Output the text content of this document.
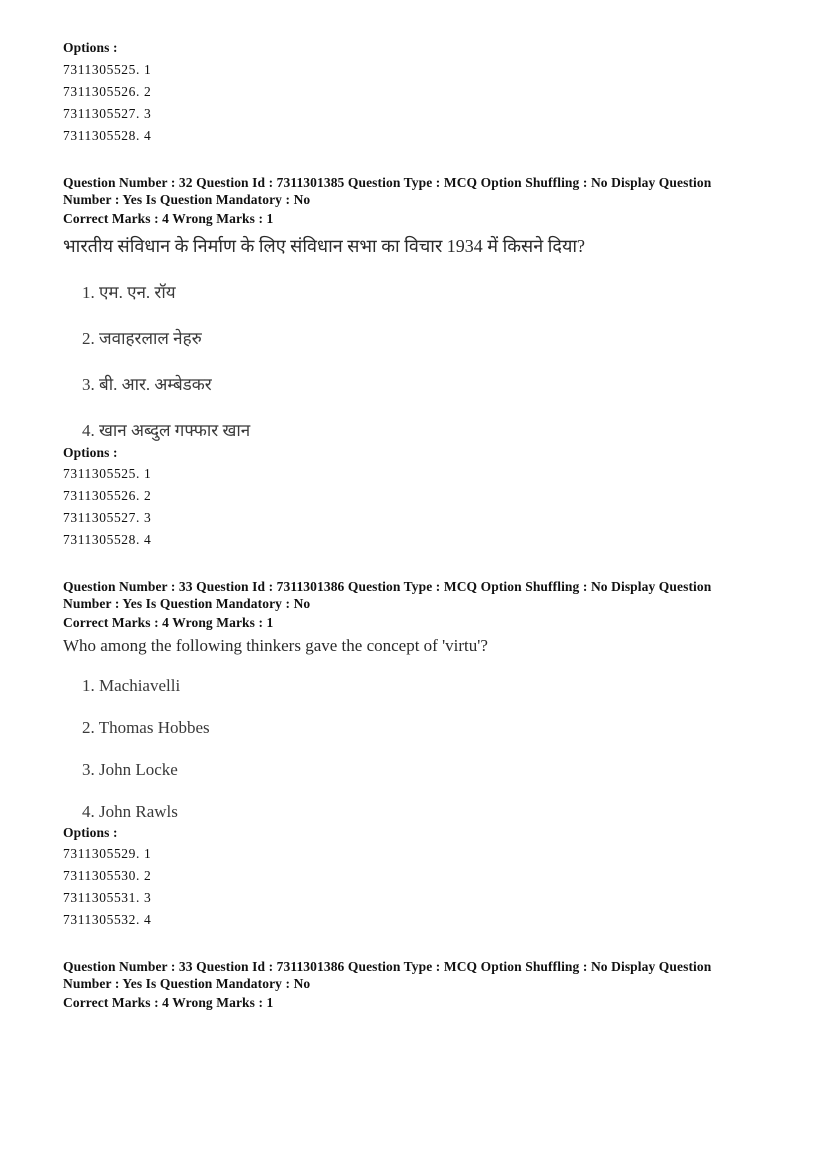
Options :
7311305525. 1
7311305526. 2
7311305527. 3
7311305528. 4
Question Number : 32 Question Id : 7311301385 Question Type : MCQ Option Shuffling : No Display Question
Number : Yes Is Question Mandatory : No
Correct Marks : 4 Wrong Marks : 1
भारतीय संविधान के निर्माण के लिए संविधान सभा का विचार 1934 में किसने दिया?
1. एम. एन. रॉय
2. जवाहरलाल नेहरु
3. बी. आर. अम्बेडकर
4. खान अब्दुल गफ्फार खान
Options :
7311305525. 1
7311305526. 2
7311305527. 3
7311305528. 4
Question Number : 33 Question Id : 7311301386 Question Type : MCQ Option Shuffling : No Display Question
Number : Yes Is Question Mandatory : No
Correct Marks : 4 Wrong Marks : 1
Who among the following thinkers gave the concept of 'virtu'?
1. Machiavelli
2. Thomas Hobbes
3. John Locke
4. John Rawls
Options :
7311305529. 1
7311305530. 2
7311305531. 3
7311305532. 4
Question Number : 33 Question Id : 7311301386 Question Type : MCQ Option Shuffling : No Display Question
Number : Yes Is Question Mandatory : No
Correct Marks : 4 Wrong Marks : 1
